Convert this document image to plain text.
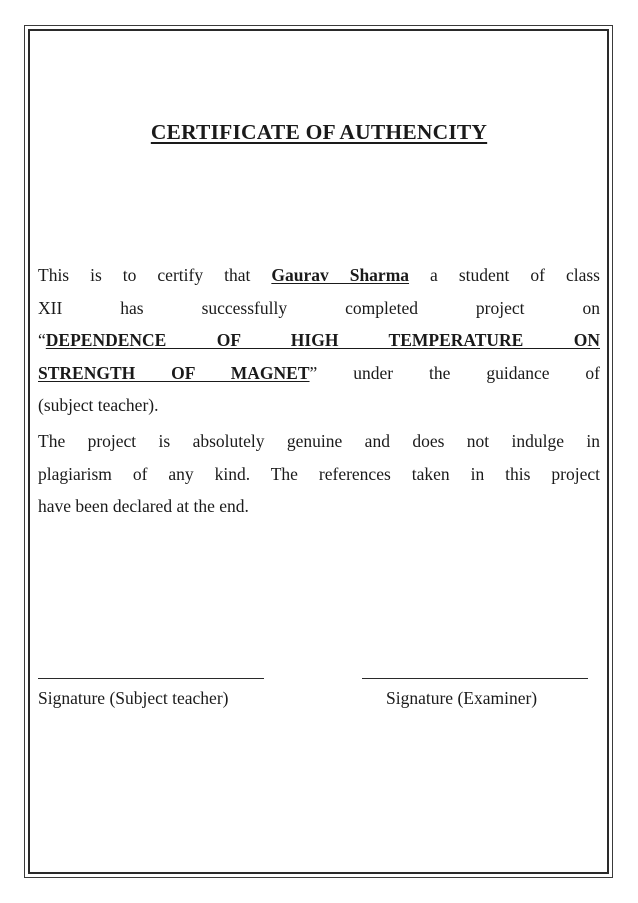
CERTIFICATE OF AUTHENCITY
This is to certify that Gaurav Sharma a student of class
XII has successfully completed project on
“DEPENDENCE OF HIGH TEMPERATURE ON
STRENGTH OF MAGNET” under the guidance of
(subject teacher).
The project is absolutely genuine and does not indulge in
plagiarism of any kind. The references taken in this project
have been declared at the end.
Signature (Subject teacher)	Signature (Examiner)
